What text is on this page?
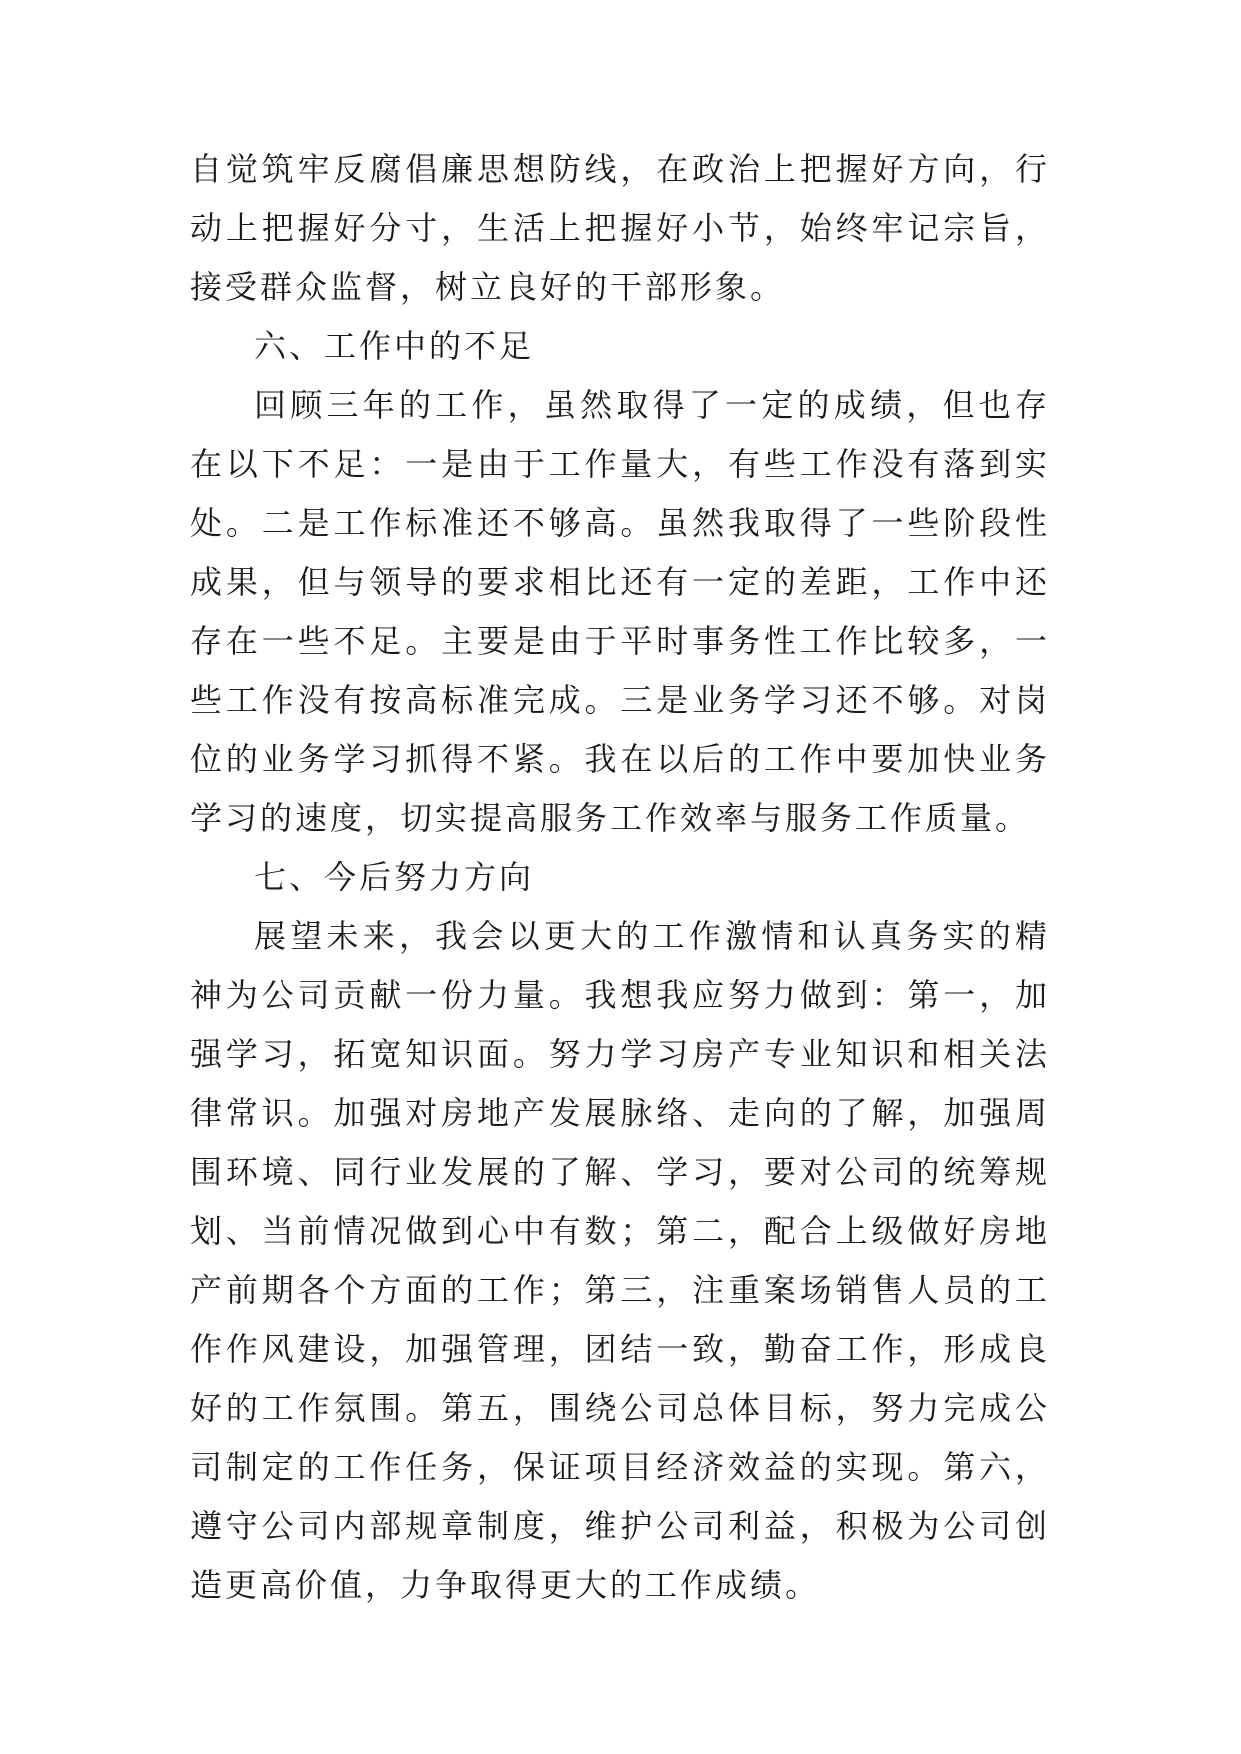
自觉筑牢反腐倡廉思想防线，在政治上把握好方向，行动上把握好分寸，生活上把握好小节，始终牢记宗旨，接受群众监督，树立良好的干部形象。

六、工作中的不足

回顾三年的工作，虽然取得了一定的成绩，但也存在以下不足：一是由于工作量大，有些工作没有落到实处。二是工作标准还不够高。虽然我取得了一些阶段性成果，但与领导的要求相比还有一定的差距，工作中还存在一些不足。主要是由于平时事务性工作比较多，一些工作没有按高标准完成。三是业务学习还不够。对岗位的业务学习抓得不紧。我在以后的工作中要加快业务学习的速度，切实提高服务工作效率与服务工作质量。

七、今后努力方向

展望未来，我会以更大的工作激情和认真务实的精神为公司贡献一份力量。我想我应努力做到：第一，加强学习，拓宽知识面。努力学习房产专业知识和相关法律常识。加强对房地产发展脉络、走向的了解，加强周围环境、同行业发展的了解、学习，要对公司的统筹规划、当前情况做到心中有数；第二，配合上级做好房地产前期各个方面的工作；第三，注重案场销售人员的工作作风建设，加强管理，团结一致，勤奋工作，形成良好的工作氛围。第五，围绕公司总体目标，努力完成公司制定的工作任务，保证项目经济效益的实现。第六，遵守公司内部规章制度，维护公司利益，积极为公司创造更高价值，力争取得更大的工作成绩。
